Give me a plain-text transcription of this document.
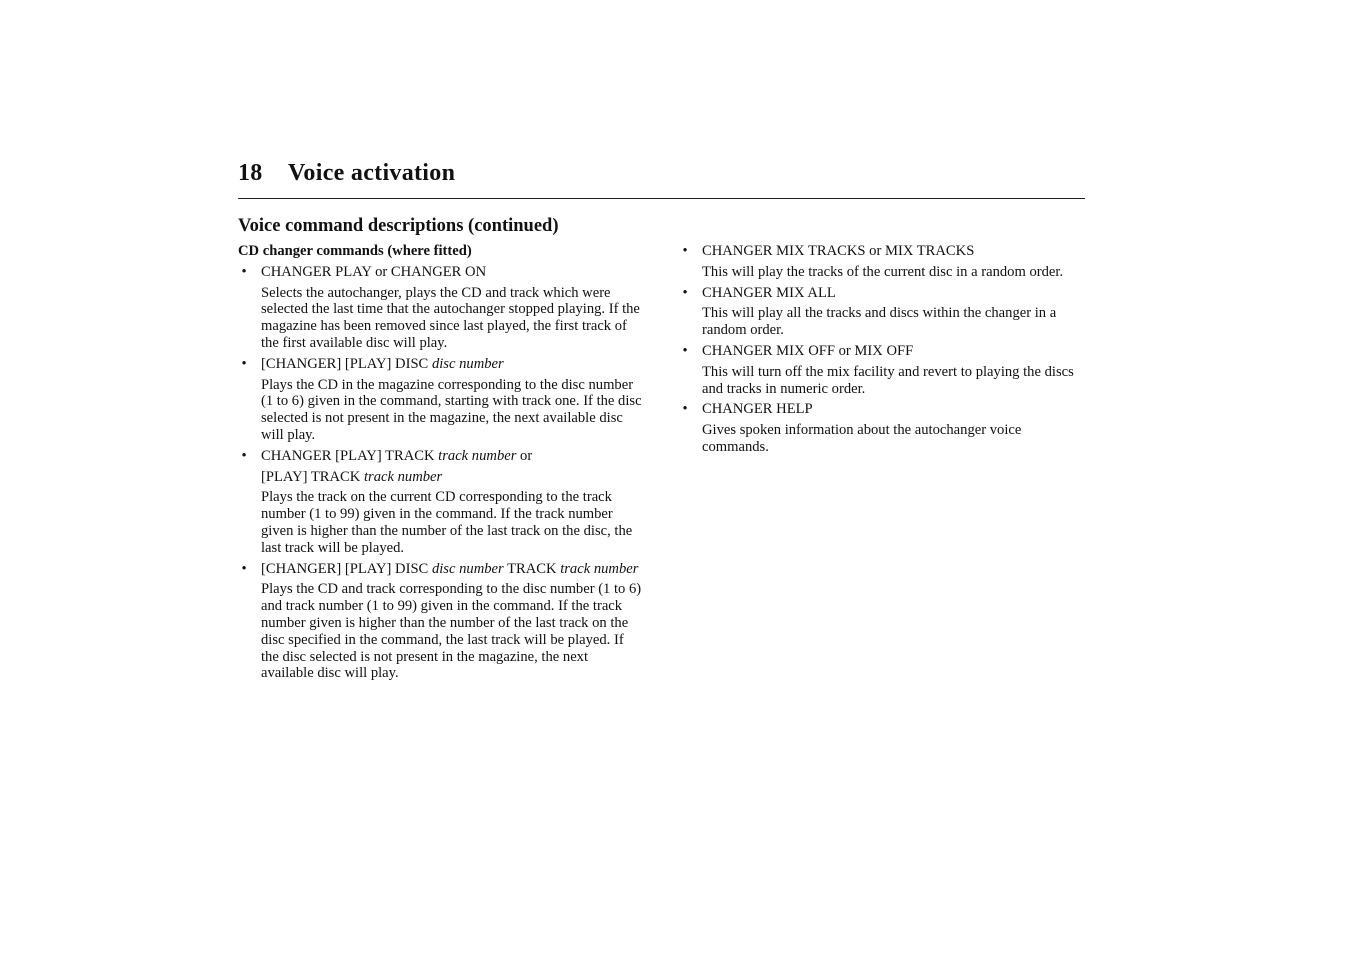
18 Voice activation
Voice command descriptions (continued)
CD changer commands (where fitted)
• CHANGER PLAY or CHANGER ON
Selects the autochanger, plays the CD and track which were selected the last time that the autochanger stopped playing. If the magazine has been removed since last played, the first track of the first available disc will play.
• [CHANGER] [PLAY] DISC disc number
Plays the CD in the magazine corresponding to the disc number (1 to 6) given in the command, starting with track one. If the disc selected is not present in the magazine, the next available disc will play.
• CHANGER [PLAY] TRACK track number or
[PLAY] TRACK track number
Plays the track on the current CD corresponding to the track number (1 to 99) given in the command. If the track number given is higher than the number of the last track on the disc, the last track will be played.
• [CHANGER] [PLAY] DISC disc number TRACK track number
Plays the CD and track corresponding to the disc number (1 to 6) and track number (1 to 99) given in the command. If the track number given is higher than the number of the last track on the disc specified in the command, the last track will be played. If the disc selected is not present in the magazine, the next available disc will play.
• CHANGER MIX TRACKS or MIX TRACKS
This will play the tracks of the current disc in a random order.
• CHANGER MIX ALL
This will play all the tracks and discs within the changer in a random order.
• CHANGER MIX OFF or MIX OFF
This will turn off the mix facility and revert to playing the discs and tracks in numeric order.
• CHANGER HELP
Gives spoken information about the autochanger voice commands.
